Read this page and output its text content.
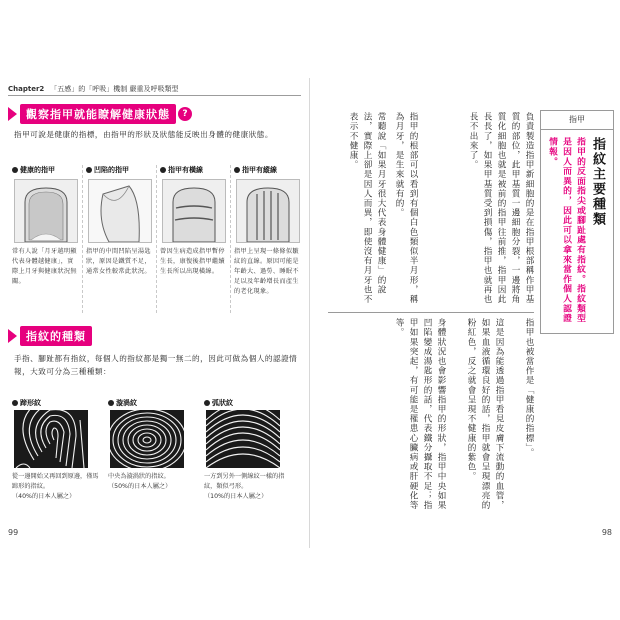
Chapter2 「五感」的「呼吸」機制 嚴重及呼吸類型
觀察指甲就能瞭解健康狀態	?
指甲可說是健康的指標，由指甲的形狀及狀態能反映出身體的健康狀態。
健康的指甲
常有人說「月牙越明顯代表身體越健康」，實際上月牙與健康狀況無關。
凹陷的指甲
指甲的中間凹陷呈湯匙狀，原因是鐵質不足，通常女性較常此狀況。
指甲有橫線
曾因生病造成指甲暫停生長，康復後指甲繼續生長所以出現橫線。
指甲有縱線
指甲上呈現一條條似皺紋的直線。原因可能是年齡大、過勞、睡眠不足以及年齡增長而產生的老化現象。
指紋的種類
手指、腳趾都有指紋，每個人的指紋都是獨一無二的，因此可做為個人的認證情報，大致可分為三種種類：
蹄形紋
從一邊開始又再回到原邊，僅馬蹄形的指紋。
（40%的日本人屬之）
漩渦紋
中央為漩渦狀的指紋。
（50%的日本人屬之）
弧狀紋
一方到另外一側線紋一樣的指紋，類似弓形。
（10%的日本人屬之）
99
負責製造指甲新細胞的是在指甲根部稱作甲基質的部位，此甲基質一邊細胞分裂，一邊將角質化細胞也就是被前的指甲往前推，指甲因此長長了，如果甲基質受到損傷，指甲也就再也長不出來了。
指甲的根部可以看到有個白色類似半月形，稱為月牙，是生來就有的。
常聽說「如果月牙很大代表身體健康」的說法，實際上卻是因人而異，即使沒有月牙也不表示不健康。
指甲也被當作是「健康的指標」。
這是因為能透過指甲看見皮膚下流動的血管，如果血液循環良好的話，指甲就會呈現漂亮的粉紅色，反之就會呈現不健康的紫色。
身體狀況也會影響指甲的形狀，指甲中央如果凹陷變成湯匙形的話，代表鐵分攝取不足；指甲如果突起，有可能是罹患心臟病或肝硬化等等。
指甲
指紋主要種類
指甲的反面指尖或腳趾處有指紋。指紋類型是因人而異的，因此可以拿來當作個人認證情報。
98
